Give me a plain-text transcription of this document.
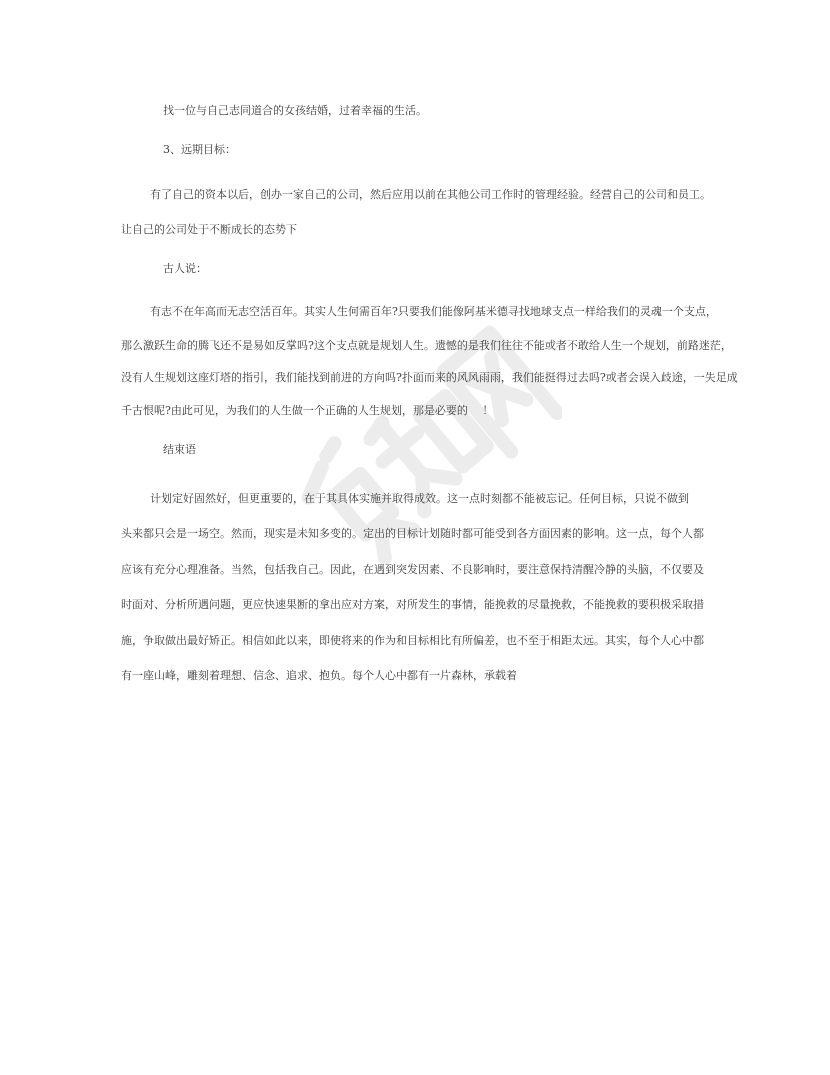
找一位与自己志同道合的女孩结婚，过着幸福的生活。
3、远期目标：
有了自己的资本以后，创办一家自己的公司，然后应用以前在其他公司工作时的管理经验。经营自己的公司和员工。
让自己的公司处于不断成长的态势下
古人说：
有志不在年高而无志空活百年。其实人生何需百年?只要我们能像阿基米德寻找地球支点一样给我们的灵魂一个支点，
那么激跃生命的腾飞还不是易如反掌吗?这个支点就是规划人生。遗憾的是我们往往不能或者不敢给人生一个规划，前路迷茫，
没有人生规划这座灯塔的指引，我们能找到前进的方向吗?扑面而来的风风雨雨，我们能挺得过去吗?或者会误入歧途，一失足成
千古恨呢?由此可见，为我们的人生做一个正确的人生规划，那是必要的　 ！
结束语
计划定好固然好，但更重要的，在于其具体实施并取得成效。这一点时刻都不能被忘记。任何目标，只说不做到
头来都只会是一场空。然而，现实是未知多变的。定出的目标计划随时都可能受到各方面因素的影响。这一点，每个人都
应该有充分心理准备。当然，包括我自己。因此，在遇到突发因素、不良影响时，要注意保持清醒冷静的头脑，不仅要及
时面对、分析所遇问题，更应快速果断的拿出应对方案，对所发生的事情，能挽救的尽量挽救，不能挽救的要积极采取措
施，争取做出最好矫正。相信如此以来，即使将来的作为和目标相比有所偏差，也不至于相距太远。其实，每个人心中都
有一座山峰，雕刻着理想、信念、追求、抱负。每个人心中都有一片森林，承载着
